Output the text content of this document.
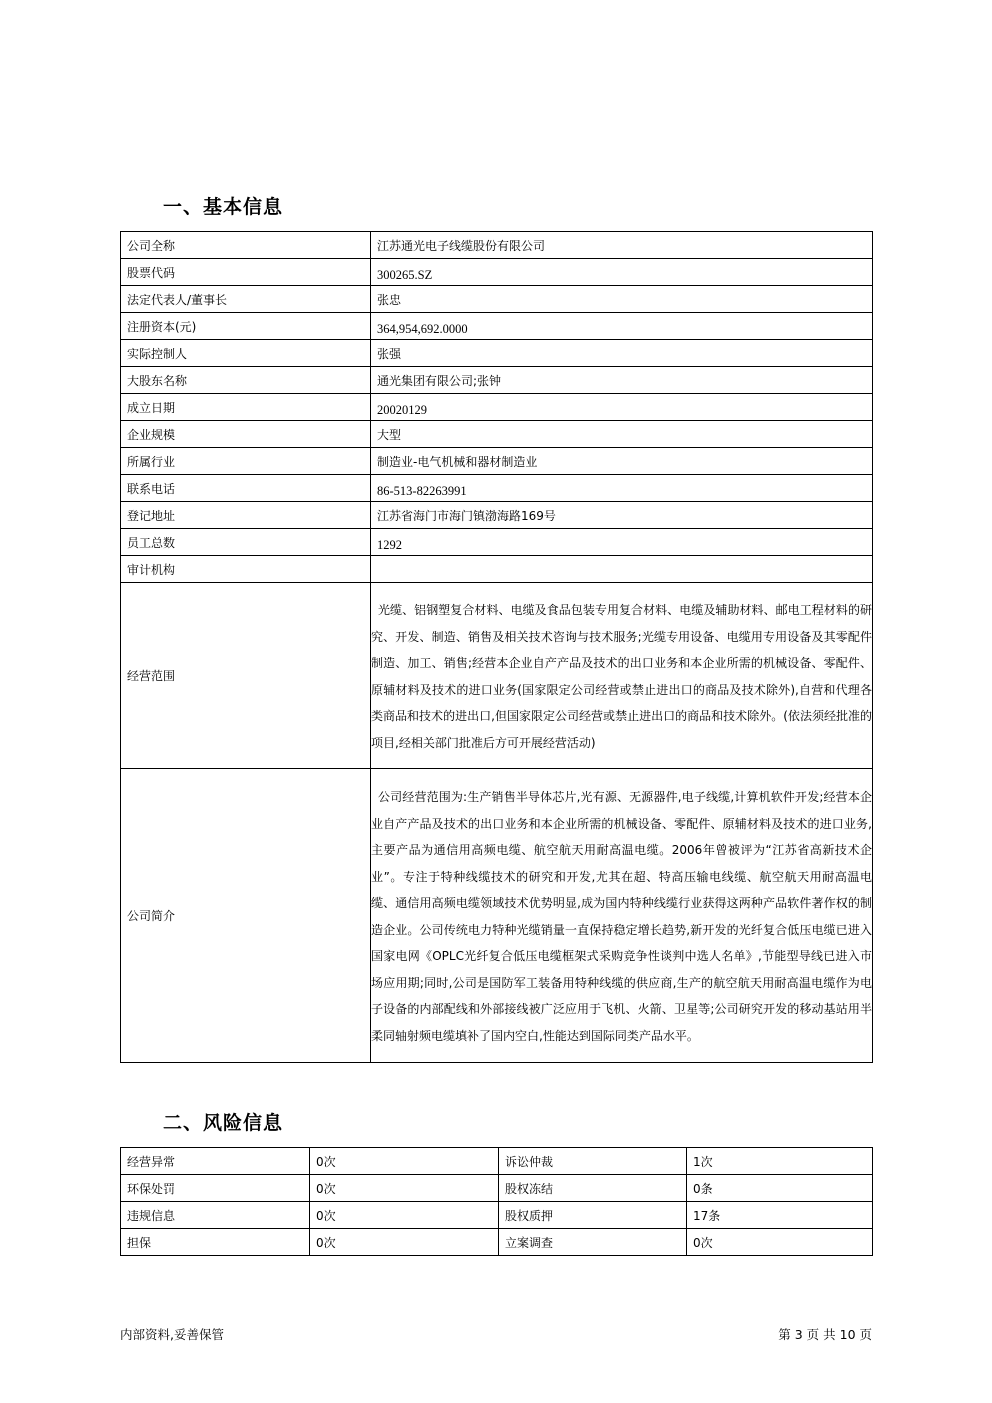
一、基本信息
公司全称	江苏通光电子线缆股份有限公司
股票代码	300265.SZ
法定代表人/董事长	张忠
注册资本(元)	364,954,692.0000
实际控制人	张强
大股东名称	通光集团有限公司;张钟
成立日期	20020129
企业规模	大型
所属行业	制造业-电气机械和器材制造业
联系电话	86-513-82263991
登记地址	江苏省海门市海门镇渤海路169号
员工总数	1292
审计机构	
经营范围	光缆、铝钢塑复合材料、电缆及食品包装专用复合材料、电缆及辅助材料、邮电工程材料的研究、开发、制造、销售及相关技术咨询与技术服务;光缆专用设备、电缆用专用设备及其零配件制造、加工、销售;经营本企业自产产品及技术的出口业务和本企业所需的机械设备、零配件、原辅材料及技术的进口业务(国家限定公司经营或禁止进出口的商品及技术除外),自营和代理各类商品和技术的进出口,但国家限定公司经营或禁止进出口的商品和技术除外。(依法须经批准的项目,经相关部门批准后方可开展经营活动)

公司简介	公司经营范围为:生产销售半导体芯片,光有源、无源器件,电子线缆,计算机软件开发;经营本企业自产产品及技术的出口业务和本企业所需的机械设备、零配件、原辅材料及技术的进口业务,主要产品为通信用高频电缆、航空航天用耐高温电缆。2006年曾被评为“江苏省高新技术企业”。专注于特种线缆技术的研究和开发,尤其在超、特高压输电线缆、航空航天用耐高温电缆、通信用高频电缆领域技术优势明显,成为国内特种线缆行业获得这两种产品软件著作权的制造企业。公司传统电力特种光缆销量一直保持稳定增长趋势,新开发的光纤复合低压电缆已进入国家电网《OPLC光纤复合低压电缆框架式采购竞争性谈判中选人名单》,节能型导线已进入市场应用期;同时,公司是国防军工装备用特种线缆的供应商,生产的航空航天用耐高温电缆作为电子设备的内部配线和外部接线被广泛应用于飞机、火箭、卫星等;公司研究开发的移动基站用半柔同轴射频电缆填补了国内空白,性能达到国际同类产品水平。
二、风险信息
经营异常	0次	诉讼仲裁	1次
环保处罚	0次	股权冻结	0条
违规信息	0次	股权质押	17条
担保	0次	立案调查	0次
内部资料,妥善保管	第 3 页 共 10 页
